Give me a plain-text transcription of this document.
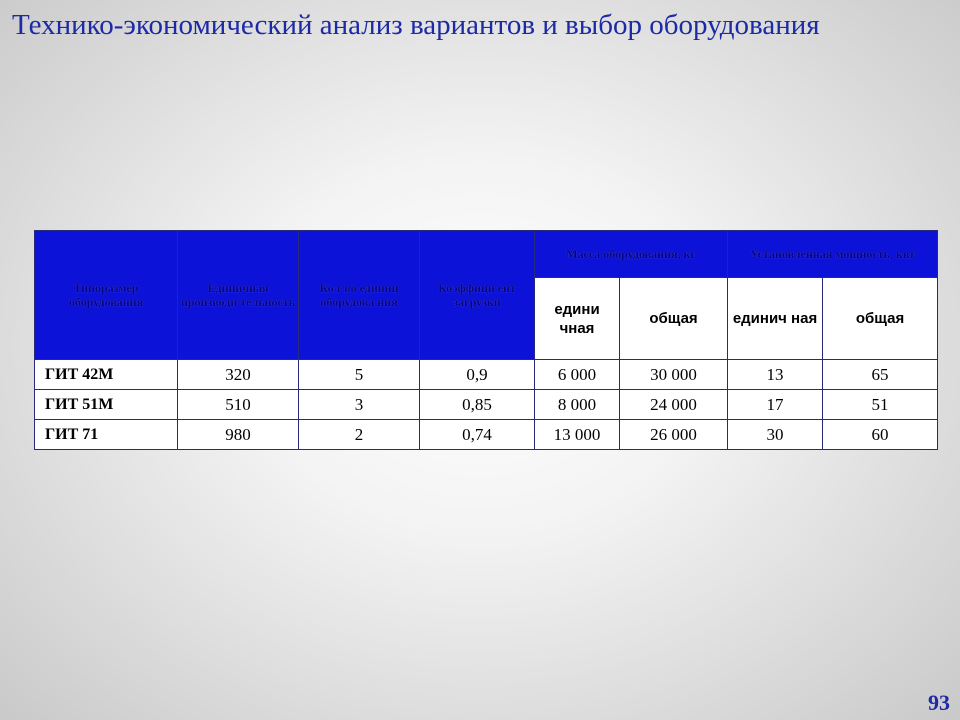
Технико-экономический анализ вариантов и выбор оборудования
Типоразмер оборудования	Единичная производи тельность	Кол-во единиц оборудова ния	Коэффици ент загрузки	Масса оборудования, кг		Установленная мощность, квт	
				едини чная	общая	единич ная	общая
ГИТ 42М	320	5	0,9	6 000	30 000	13	65
ГИТ 51М	510	3	0,85	8 000	24 000	17	51
ГИТ 71	980	2	0,74	13 000	26 000	30	60
93
